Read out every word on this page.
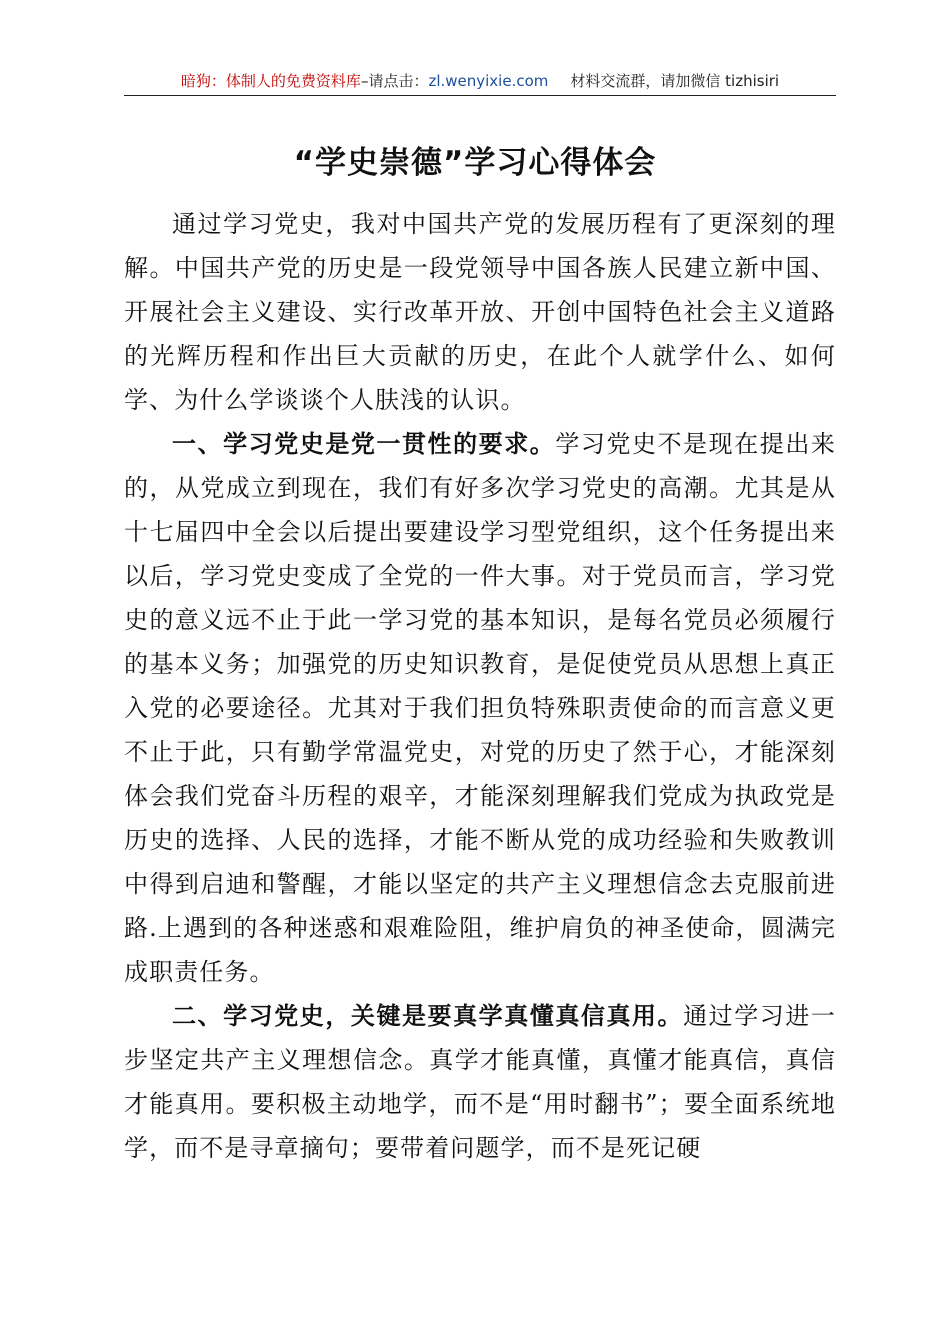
暗狗：体制人的免费资料库–请点击：zl.wenyixie.com 材料交流群，请加微信 tizhisiri
“学史崇德”学习心得体会

通过学习党史，我对中国共产党的发展历程有了更深刻的理解。中国共产党的历史是一段党领导中国各族人民建立新中国、开展社会主义建设、实行改革开放、开创中国特色社会主义道路的光辉历程和作出巨大贡献的历史，在此个人就学什么、如何学、为什么学谈谈个人肤浅的认识。

一、学习党史是党一贯性的要求。学习党史不是现在提出来的，从党成立到现在，我们有好多次学习党史的高潮。尤其是从十七届四中全会以后提出要建设学习型党组织，这个任务提出来以后，学习党史变成了全党的一件大事。对于党员而言，学习党史的意义远不止于此一学习党的基本知识，是每名党员必须履行的基本义务；加强党的历史知识教育，是促使党员从思想上真正入党的必要途径。尤其对于我们担负特殊职责使命的而言意义更不止于此，只有勤学常温党史，对党的历史了然于心，才能深刻体会我们党奋斗历程的艰辛，才能深刻理解我们党成为执政党是历史的选择、人民的选择，才能不断从党的成功经验和失败教训中得到启迪和警醒，才能以坚定的共产主义理想信念去克服前进路.上遇到的各种迷惑和艰难险阻，维护肩负的神圣使命，圆满完成职责任务。

二、学习党史，关键是要真学真懂真信真用。通过学习进一步坚定共产主义理想信念。真学才能真懂，真懂才能真信，真信才能真用。要积极主动地学，而不是“用时翻书”；要全面系统地学，而不是寻章摘句；要带着问题学，而不是死记硬
